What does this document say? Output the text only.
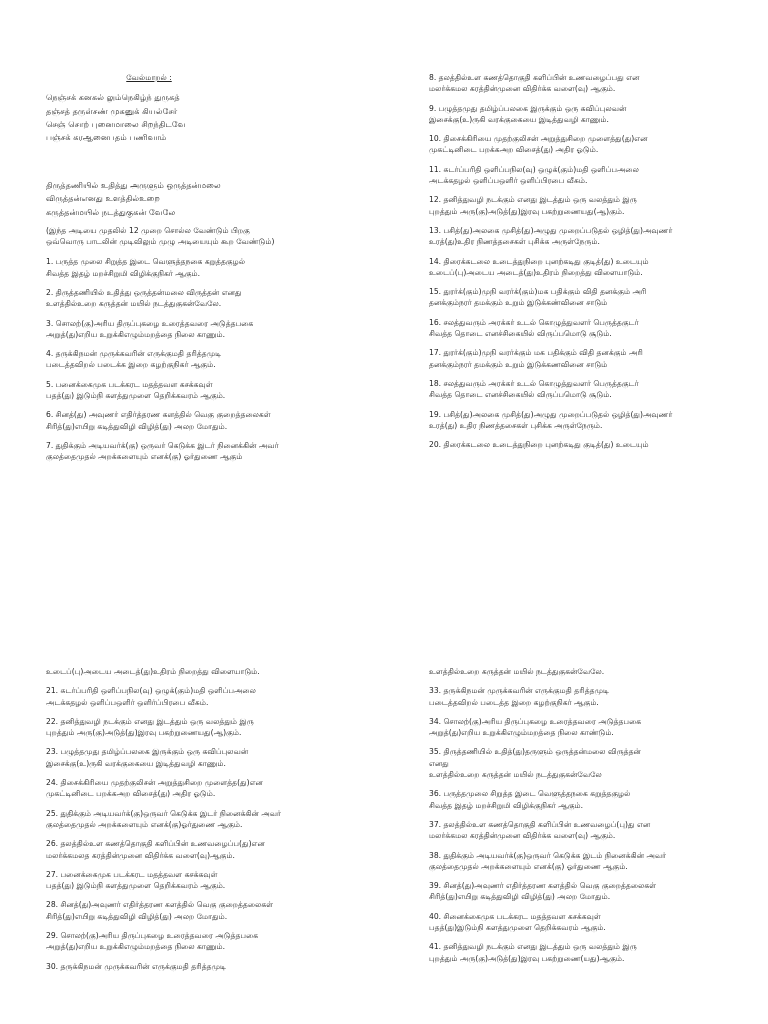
வேல்மாறல் :

நெஞ்சக் கனகல் லும்நெகிழ்ந் துருகத்

தஞ்சத் தருள்சண் முகனுக் கியல்சேர்

செஞ் சொற் புனைமாலை சிறந்திடவே

பஞ்சக் கரஆனைபதம் பணிவாம்

திருத்தணியில் உதித்து அருளும் ஒருத்தன்மலை

விருத்தன்எனது உளத்தில்உறை

கருத்தன்மயில் நடத்துகுகன் வேலே

(இந்த அடியை முதலில் 12 முறை சொல்ல வேண்டும் பிறகு

ஒவ்வொரு பாடலின் முடிவிலும் முழு அடியையும் கூற வேண்டும்)

1. பருத்த முலை சிறுத்த இடை வெளுத்தநகை கறுத்தகுழல்

சிவத்த இதழ் மறச்சிறுமி விழிக்குநிகர் ஆகும்.

2. திருத்தணியில் உதித்து ஒருத்தன்மலை விருத்தன் எனது

உளத்தில்உறை கருத்தன் மயில் நடத்துகுகன்வேலே.

3. சொலற்(கு)அரிய திருப்புகழை உரைத்தவரை அடுத்தபகை

அறுத்(து)எறிய உறுக்கிஎழும்மறத்தை நிலை காணும்.

4. தருக்கிநமன் முருக்கவரின் எருக்குமதி தரித்தமுடி

படைத்தவிறல் படைக்க இறை கழற்குநிகர் ஆகும்.

5. பனைக்கைமுக படக்கரட மதத்தவள கசக்கவுள்

பதத்(து) இடும்நி களத்துமுளை தெறிக்கவரம் ஆகும்.

6. சினத்(து) அவுணர் எதிர்த்தரண களத்தில் வெகு குறைத்தலைகள்

சிரித்(து)எயிறு கடித்துவிழி விழித்(து) அலற மோதும்.

7. துதிக்கும் அடியவர்க்(கு) ஒருவர் கெடுக்க இடர் நினைக்கின் அவர்

குலத்தைமுதல் அறக்களையும் எனக்(கு) ஓர்துணை ஆகும்

8. தலத்தில்உள கணத்தொகுதி களிப்பின் உணவழைப்பது என

மலர்க்கமல கரத்தின்முனை விதிர்க்க வளை(வு) ஆகும்.

9. பழுத்தமுது தமிழ்ப்பலகை இருக்கும் ஒரு கவிப்புலவன்

இசைக்கு(உ)ருகி வரக்குகையை இடித்துவழி காணும்.

10. திசைக்கிரியை முதற்குலிசன் அறுத்துசிறை முளைத்து(து)என

முகட்டினிடை பறக்கஅற விசைத்(து) அதிர ஓடும்.

11. சுடர்ப்பரிதி ஒளிப்பநில(வு) ஒழுக்(கும்)மதி ஒளிப்பஅலை

அடக்கதழல் ஒளிப்பஒளிர் ஒளிப்பிரபை வீசும்.

12. தனித்துவழி நடக்கும் எனது இடத்தும் ஒரு வலத்தும் இரு

புறத்தும் அரு(கு)அடுத்(து)இரவு பகற்றுணையது(ஆ)கும்.

13. பசித்(து)அலகை முசித்(து)அழுது முறைப்படுதல் ஒழித்(து)அவுணர்

உரத்(து)உதிர நிணத்தசைகள் புசிக்க அருள்நேரும்.

14. திரைக்கடலை உடைத்துநிறை புனற்கடிது குடித்(து) உடையும்

உடைப்(பு)அடைய அடைத்(து)உதிரம் நிறைத்து விளையாடும்.

15. துரர்க்(கும்)முநி வரர்க்(கும்)மக பதிக்கும் விதி தனக்கும் அரி

தனக்கும்நரர் தமக்கும் உறும் இடுக்கண்வினை சாடும்

16. சலத்துவரும் அரக்கர் உடல் கொழுத்துவளர் பெருத்தகுடர்

சிவத்த தொடை எனச்சிகையில் விருப்பமொடு சூடும்.

17. துரர்க்(கும்)முநி வரர்க்கும் மக பதிக்கும் விதி தனக்கும் அரி

தனக்கும்நரர் தமக்கும் உறும் இடுக்கணவினை சாடும்

18. சலத்துவரும் அரக்கர் உடல் கொழுத்துவளர் பெருத்தகுடர்

சிவத்த தொடை எனச்சிகையில் விருப்பமொடு சூடும்.

19. பசித்(து)அலகை முசித்(து)அழுது முறைப்படுதல் ஒழித்(து)அவுணர்

உரத்(து) உதிர நிணத்தசைகள் புசிக்க அருள்நேரும்.

20. திரைக்கடலை உடைத்துநிறை புனற்கடிது குடித்(து) உடையும்

உடைப்(பு)அடைய அடைத்(து)உதிரம் நிறைத்து விளையாடும்.

21. சுடர்ப்பரிதி ஒளிப்பநில(வு) ஒழுக்(கும்)மதி ஒளிப்பஅலை

அடக்கதழல் ஒளிப்பஒளிர் ஒளிர்ப்பிரபை வீசும்.

22. தனித்துவழி நடக்கும் எனது இடத்தும் ஒரு வலத்தும் இரு

புறத்தும் அரு(கு)அடுத்(து)இரவு பகற்றுணையது(ஆ)கும்.

23. பழுத்தமுது தமிழ்ப்பலகை இருக்கும் ஒரு கவிப்புலவன்

இசைக்கு(உ)ருகி வரக்குகையை இடித்துவழி காணும்.

24. திசைக்கிரியை முதற்குலிசன் அறுத்துசிறை முளைத்த(து)என

முகட்டினிடை பறக்கஅற விசைத்(து) அதிர ஓடும்.

25. துதிக்கும் அடியவர்க்(கு)ஒருவர் கெடுக்க இடர் நினைக்கின் அவர்

குலத்தைமுதல் அறக்களையும் எனக்(கு)ஓர்துணை ஆகும்.

26. தலத்தில்உள கணத்தொகுதி களிப்பின் உணவழைப்ப(து)என

மலர்க்கமலத கரத்தின்முனை விதிர்க்க வளை(வு)ஆகும்.

27. பனைக்கைமுக படக்கரட மதத்தவள கசக்கவுள்

பதத்(து) இடும்நி களத்துமுளை தெறிக்கவரம் ஆகும்.

28. சினத்(து)அவுணர் எதிர்த்தரண களத்தில் வெகு குறைத்தலைகள்

சிரித்(து)எயிறு கடித்துவிழி விழித்(து) அலற மோதும்.

29. சொலற்(கு)அரிய திருப்புகழை உரைத்தவரை அடுத்தபகை

அறுத்(து)எறிய உறுக்கிஎழும்மறத்தை நிலை காணும்.

30. தருக்கிநமன் முருக்கவரின் எருக்குமதி தரித்தமுடி

உளத்தில்உறை கருத்தன் மயில் நடத்துகுகன்வேலே.

33. தருக்கிநமன் முருக்கவரின் எருக்குமதி தரித்தமுடி

படைத்தவிறல் படைத்த இறை கழற்குநிகர் ஆகும்.

34. சொலற்(கு)அரிய திருப்புகழை உரைத்தவரை அடுத்தபகை

அறுத்(து)எறிய உறுக்கிஎழும்மறத்தை நிலை காண்டும்.

35. திருத்தணியில் உதித்(து)தருளும் ஒருத்தன்மலை விருத்தன்

எனது

உளத்தில்உறை கருத்தன் மயில் நடத்துகுகன்வேலே

36. பருத்தமுலை சிறுத்த இடை வெளுத்தநகை கறுத்தகுழல்

சிவத்த இதழ் மறச்சிறுமி விழிக்குநிகர் ஆகும்.

37. தலத்தில்உள கணத்தொகுதி களிப்பின் உணவழைப்(பு)து என

மலர்க்கமல கரத்தின்முனை விதிர்க்க வளை(வு) ஆகும்.

38. துதிக்கும் அடியவர்க்(கு)ஒருவர் கெடுக்க இடம் நினைக்கின் அவர்

குலத்தைமுதல் அறக்களையும் எனக்(கு) ஓர்துணை ஆகும்.

39. சினத்(து)அவுணர் எதிர்த்தரண களத்தில் வெகு குறைத்தலைகள்

சிரித்(து)எயிறு கடித்துவிழி விழித்(து) அலற மோதும்.

40. சினைக்கைமுக படக்கரட மதத்தவள கசக்கவுள்

பதத்(து)இடும்நி களத்துமுளை தெறிக்கவரம் ஆகும்.

41. தனித்துவழி நடக்கும் எனது இடத்தும் ஒரு வலத்தும் இரு

புறத்தும் அரு(கு)அடுத்(து)இரவு பகற்றுணை(யது)ஆகும்.
